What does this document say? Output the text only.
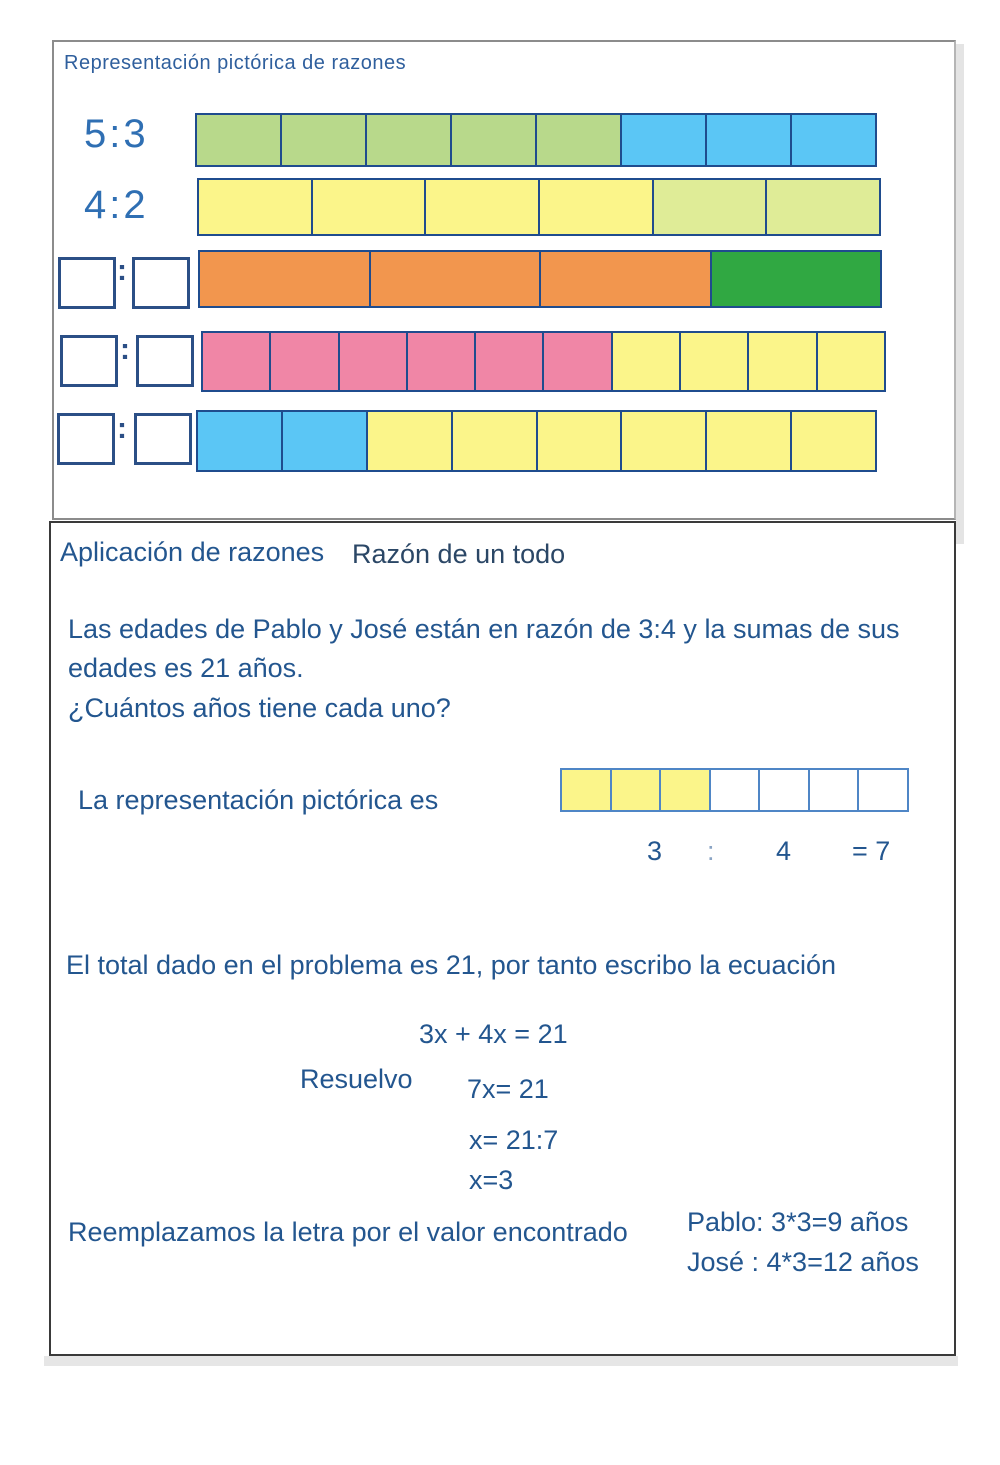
Representación pictórica de razones
5:3
4:2
:
:
:
Aplicación de razones Razón de un todo
Las edades de Pablo y José están en razón de 3:4 y la sumas de sus
edades es 21 años.
¿Cuántos años tiene cada uno?
La representación pictórica es
3 : 4 = 7
El total dado en el problema es 21, por tanto escribo la ecuación
3x + 4x = 21
Resuelvo 7x= 21
x= 21:7
x=3
Reemplazamos la letra por el valor encontrado Pablo: 3*3=9 años
José : 4*3=12 años
